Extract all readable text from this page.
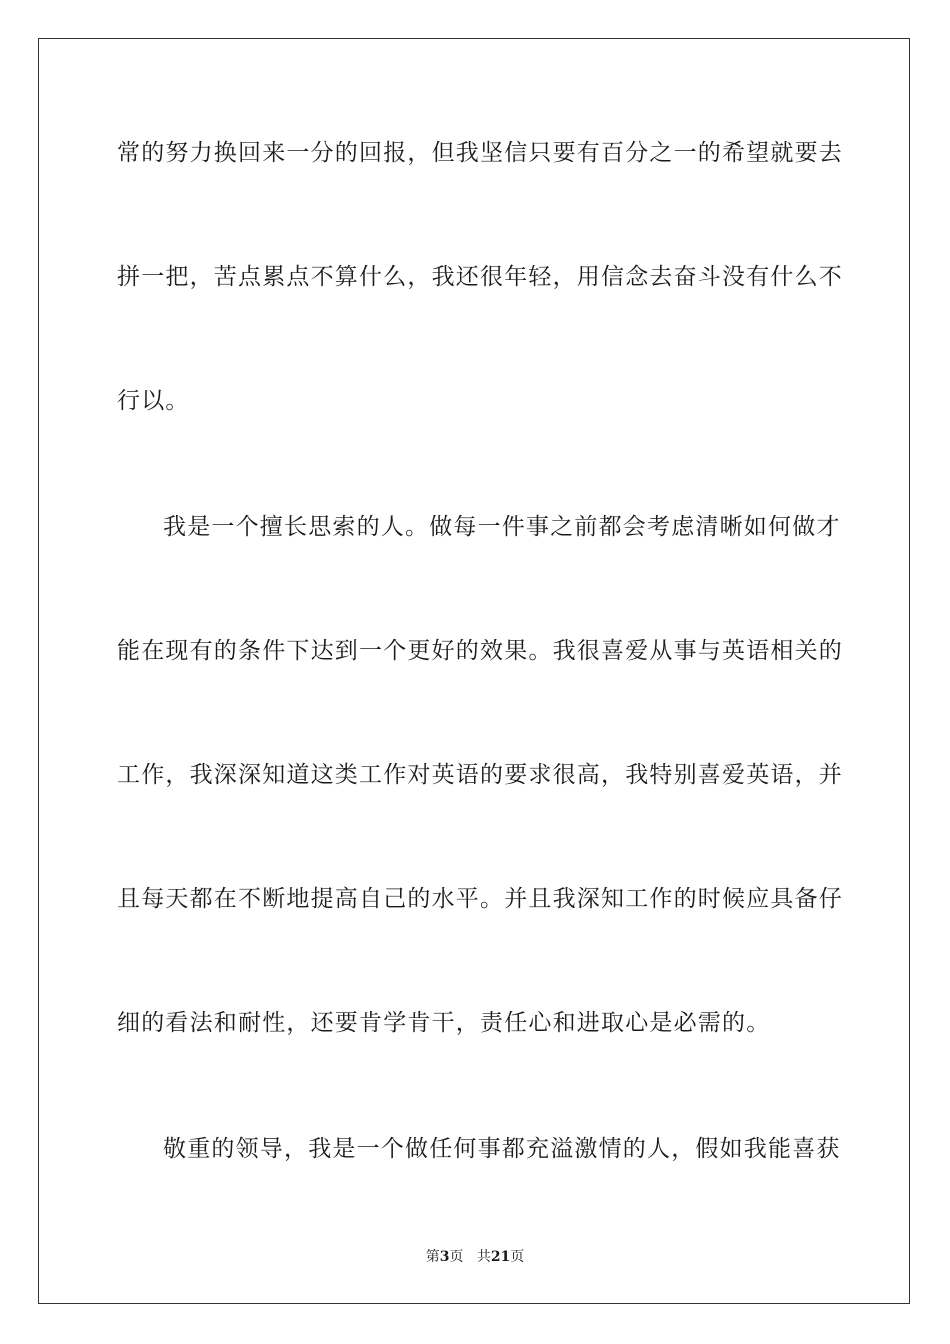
常的努力换回来一分的回报，但我坚信只要有百分之一的希望就要去
拼一把，苦点累点不算什么，我还很年轻，用信念去奋斗没有什么不
行以。
我是一个擅长思索的人。做每一件事之前都会考虑清晰如何做才
能在现有的条件下达到一个更好的效果。我很喜爱从事与英语相关的
工作，我深深知道这类工作对英语的要求很高，我特别喜爱英语，并
且每天都在不断地提高自己的水平。并且我深知工作的时候应具备仔
细的看法和耐性，还要肯学肯干，责任心和进取心是必需的。
敬重的领导，我是一个做任何事都充溢激情的人，假如我能喜获
第3页 共21页
